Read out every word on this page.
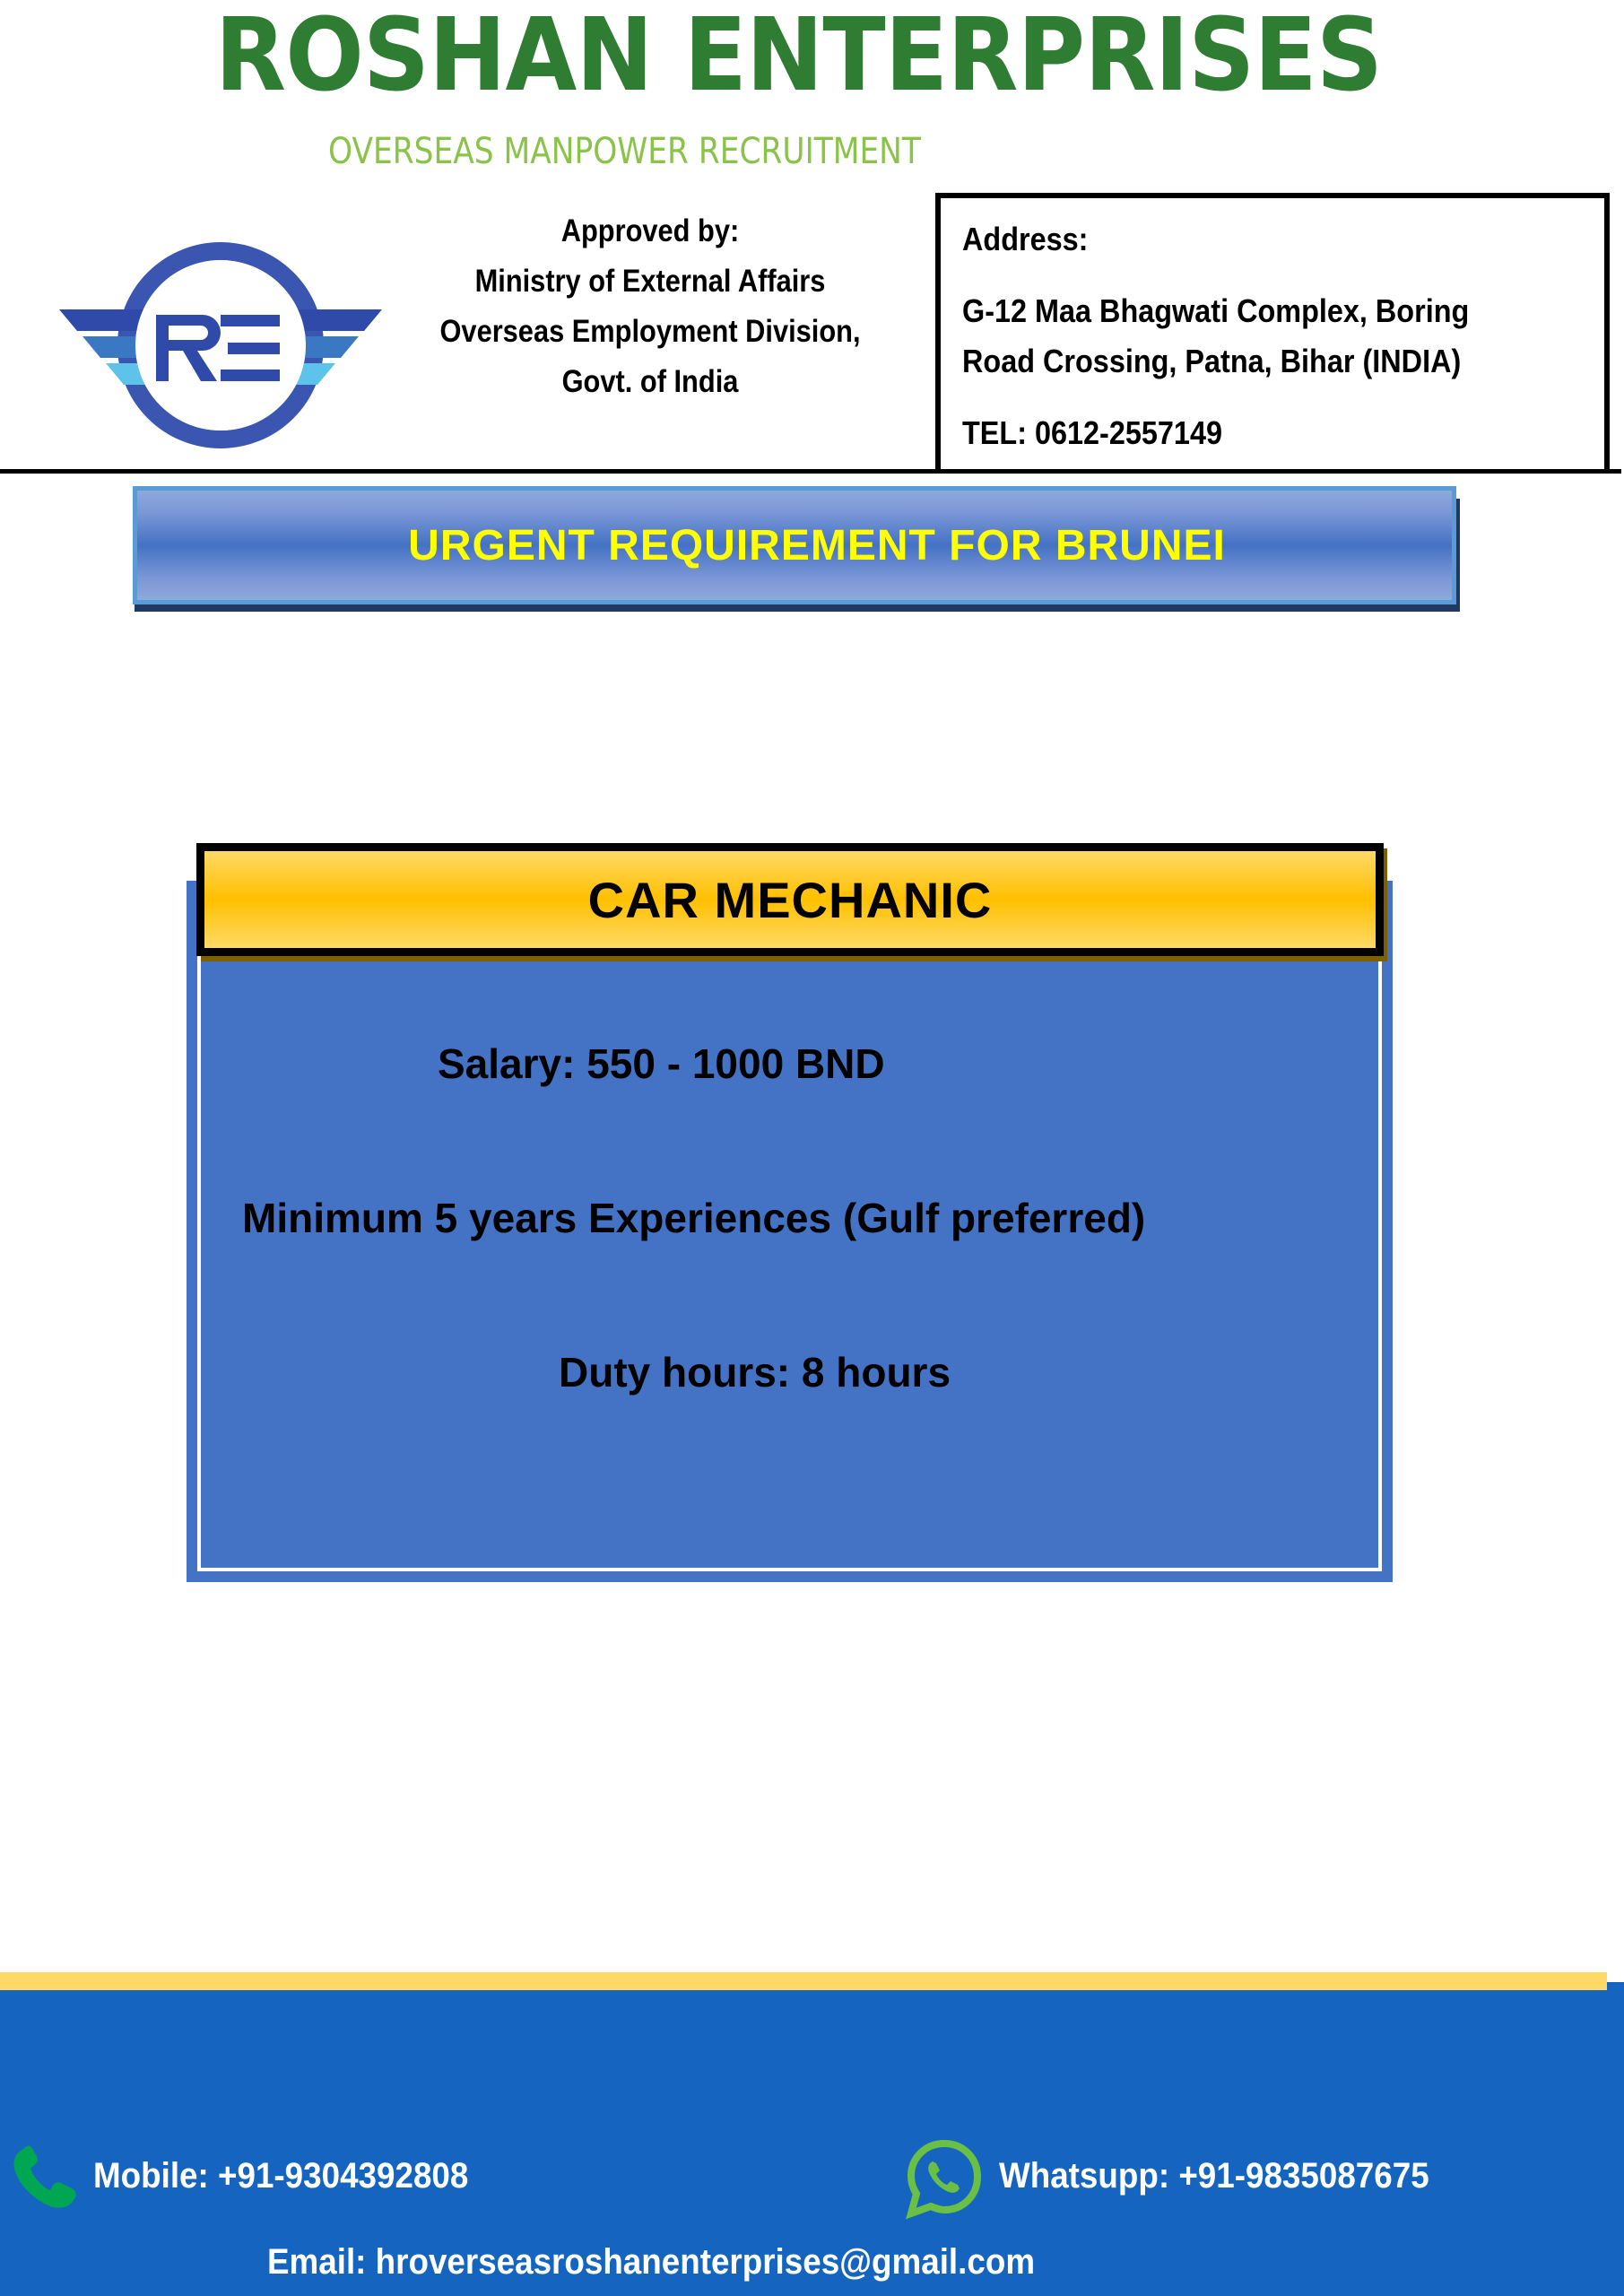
ROSHAN ENTERPRISES
OVERSEAS MANPOWER RECRUITMENT
Approved by:
Ministry of External Affairs
Overseas Employment Division,
Govt. of India
Address:
G-12 Maa Bhagwati Complex, Boring
Road Crossing, Patna, Bihar (INDIA)
TEL: 0612-2557149
URGENT REQUIREMENT FOR BRUNEI
CAR MECHANIC
Salary: 550 - 1000 BND
Minimum 5 years Experiences (Gulf preferred)
Duty hours: 8 hours
Mobile: +91-9304392808	Whatsupp: +91-9835087675
Email: hroverseasroshanenterprises@gmail.com
